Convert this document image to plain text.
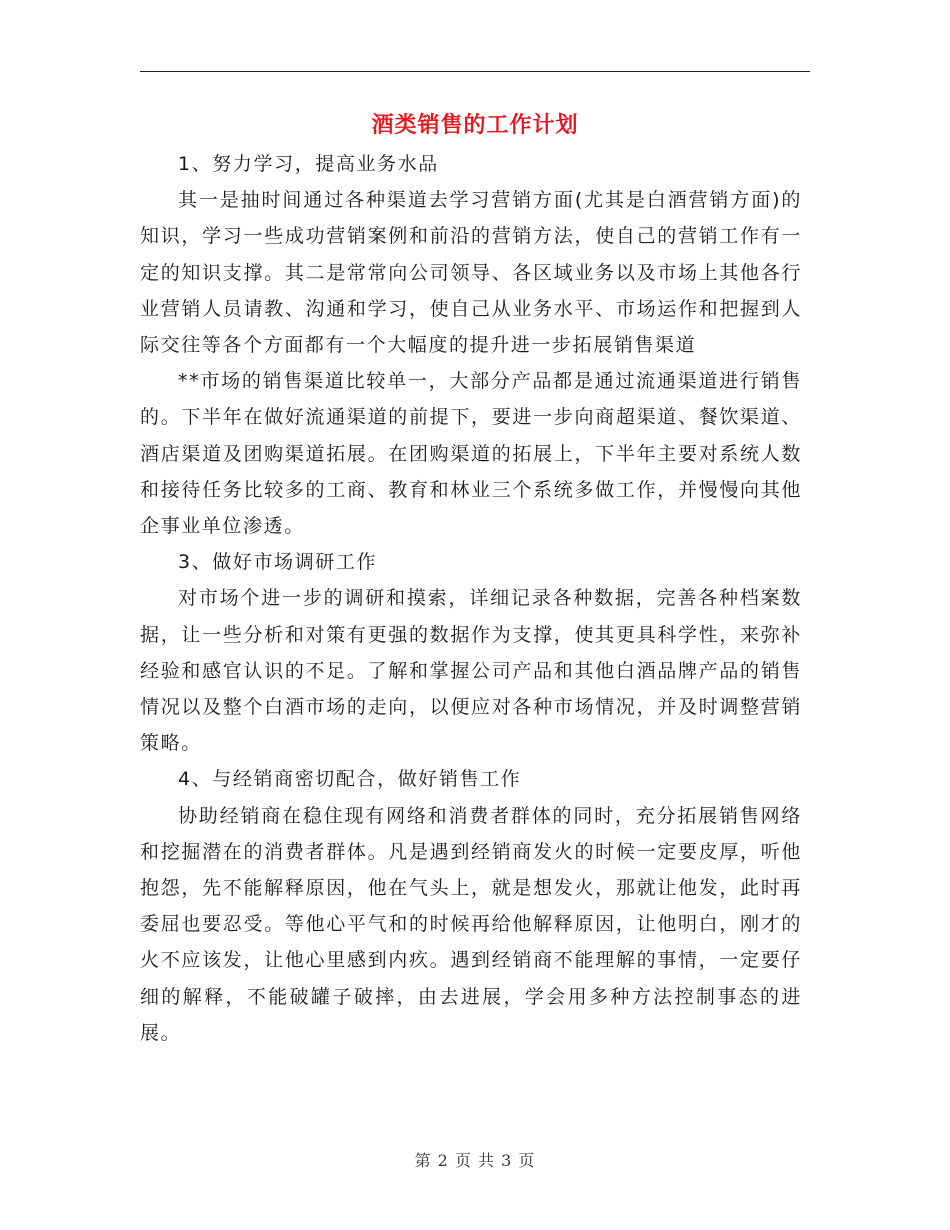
酒类销售的工作计划

1、努力学习，提高业务水品

其一是抽时间通过各种渠道去学习营销方面(尤其是白酒营销方面)的知识，学习一些成功营销案例和前沿的营销方法，使自己的营销工作有一定的知识支撑。其二是常常向公司领导、各区域业务以及市场上其他各行业营销人员请教、沟通和学习，使自己从业务水平、市场运作和把握到人际交往等各个方面都有一个大幅度的提升进一步拓展销售渠道

**市场的销售渠道比较单一，大部分产品都是通过流通渠道进行销售的。下半年在做好流通渠道的前提下，要进一步向商超渠道、餐饮渠道、酒店渠道及团购渠道拓展。在团购渠道的拓展上，下半年主要对系统人数和接待任务比较多的工商、教育和林业三个系统多做工作，并慢慢向其他企事业单位渗透。

3、做好市场调研工作

对市场个进一步的调研和摸索，详细记录各种数据，完善各种档案数据，让一些分析和对策有更强的数据作为支撑，使其更具科学性，来弥补经验和感官认识的不足。了解和掌握公司产品和其他白酒品牌产品的销售情况以及整个白酒市场的走向，以便应对各种市场情况，并及时调整营销策略。

4、与经销商密切配合，做好销售工作

协助经销商在稳住现有网络和消费者群体的同时，充分拓展销售网络和挖掘潜在的消费者群体。凡是遇到经销商发火的时候一定要皮厚，听他抱怨，先不能解释原因，他在气头上，就是想发火，那就让他发，此时再委屈也要忍受。等他心平气和的时候再给他解释原因，让他明白，刚才的火不应该发，让他心里感到内疚。遇到经销商不能理解的事情，一定要仔细的解释，不能破罐子破摔，由去进展，学会用多种方法控制事态的进展。

第 2 页 共 3 页
